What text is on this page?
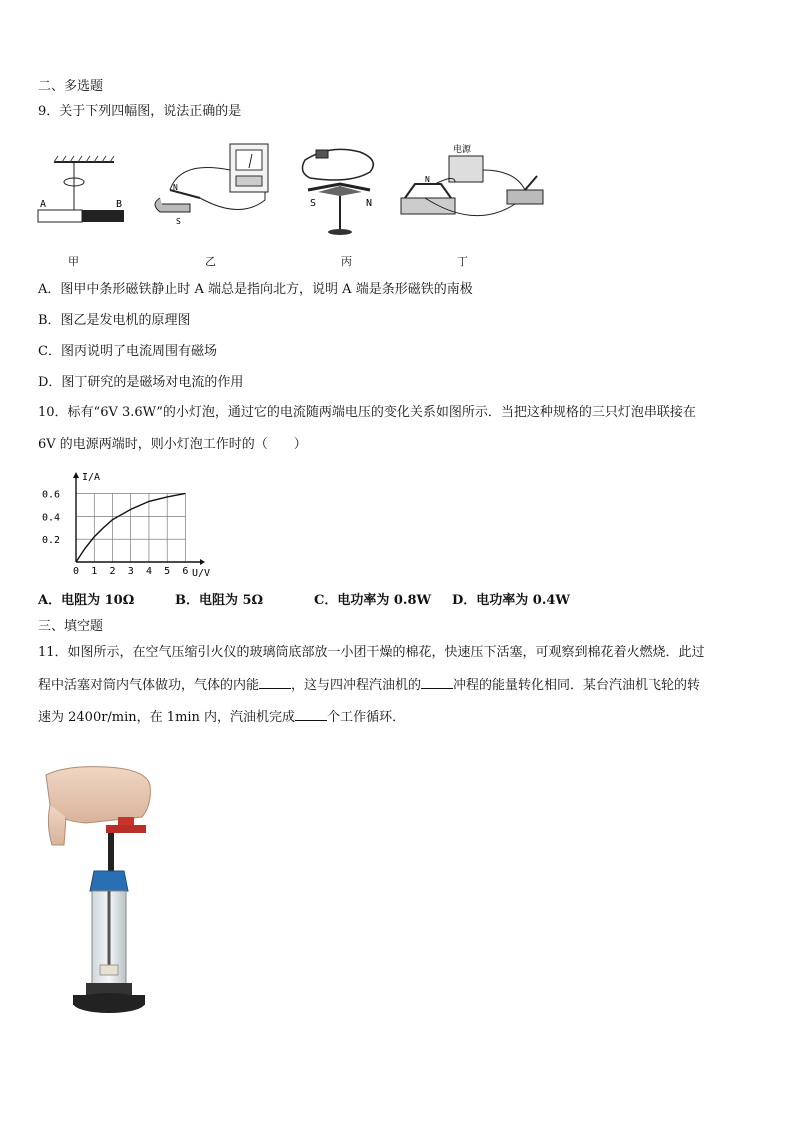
二、多选题
9．关于下列四幅图，说法正确的是
A	B
N
S
S	N
电源
N
甲	乙	丙	丁
A．图甲中条形磁铁静止时 A 端总是指向北方，说明 A 端是条形磁铁的南极
B．图乙是发电机的原理图
C．图丙说明了电流周围有磁场
D．图丁研究的是磁场对电流的作用
10．标有“6V 3.6W”的小灯泡，通过它的电流随两端电压的变化关系如图所示．当把这种规格的三只灯泡串联接在
6V 的电源两端时，则小灯泡工作时的（　　）
0 1 2 3 4 5 6
0.2
0.4
0.6
I/A
U/V
A．电阻为 10Ω	B．电阻为 5Ω	C．电功率为 0.8W D．电功率为 0.4W
三、填空题
11．如图所示，在空气压缩引火仪的玻璃筒底部放一小团干燥的棉花，快速压下活塞，可观察到棉花着火燃烧．此过
程中活塞对筒内气体做功，气体的内能 ，这与四冲程汽油机的 冲程的能量转化相同．某台汽油机飞轮的转
速为 2400r/min，在 1min 内，汽油机完成 个工作循环．
